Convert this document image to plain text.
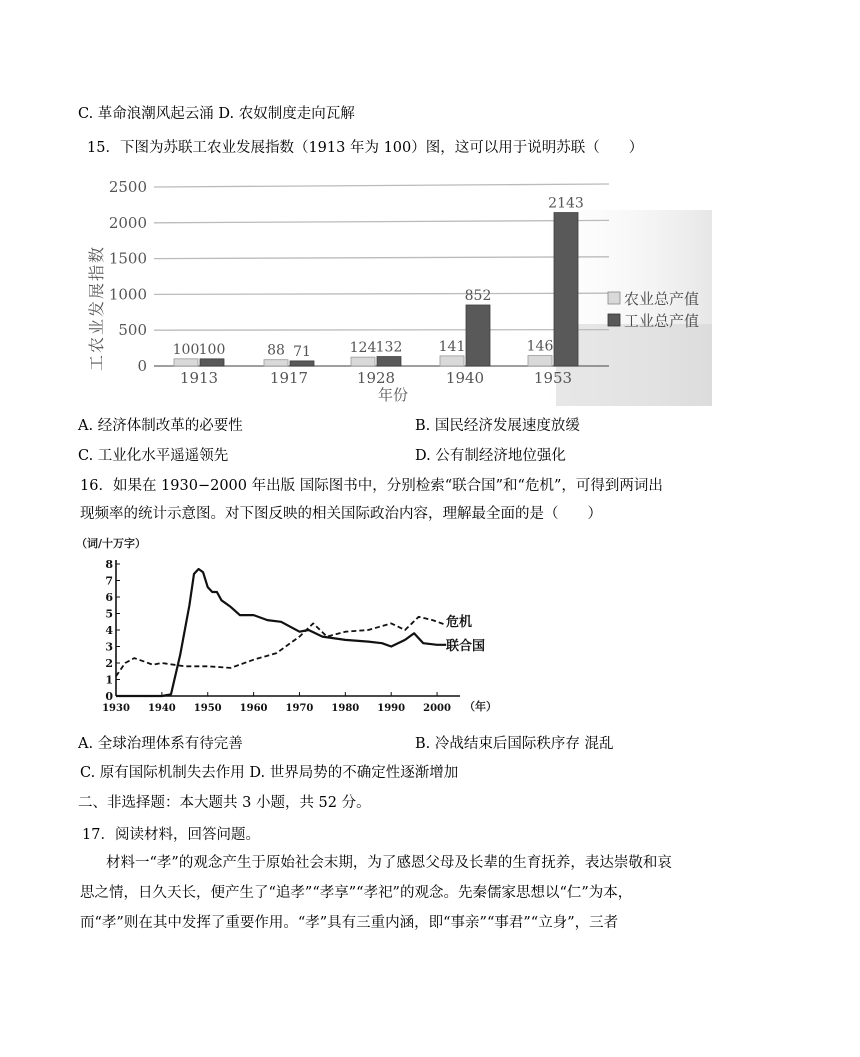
C. 革命浪潮风起云涌 D. 农奴制度走向瓦解
15．下图为苏联工农业发展指数（1913 年为 100）图，这可以用于说明苏联（　　）
0
500
1000
1500
2000
2500
100 100	88 71	124 132	141
852
146
2143
1913	1917	1928	1940	1953
工农业发展指数
年份
农业总产值
工业总产值
A. 经济体制改革的必要性	B. 国民经济发展速度放缓
C. 工业化水平遥遥领先	D. 公有制经济地位强化
16．如果在 1930−2000 年出版 国际图书中，分别检索“联合国”和“危机”，可得到两词出
现频率的统计示意图。对下图反映的相关国际政治内容，理解最全面的是（　　）
（词/十万字）
（年）
0
1
2
3
4
5
6
7
8
1930 1940 1950 1960 1970 1980 1990 2000
联合国
危机
A. 全球治理体系有待完善	B. 冷战结束后国际秩序存 混乱
C. 原有国际机制失去作用 D. 世界局势的不确定性逐渐增加
二、非选择题：本大题共 3 小题，共 52 分。
17．阅读材料，回答问题。
材料一“孝”的观念产生于原始社会末期，为了感恩父母及长辈的生育抚养，表达崇敬和哀
思之情，日久天长，便产生了“追孝”“孝享”“孝祀”的观念。先秦儒家思想以“仁”为本，
而“孝”则在其中发挥了重要作用。“孝”具有三重内涵，即“事亲”“事君”“立身”，三者
